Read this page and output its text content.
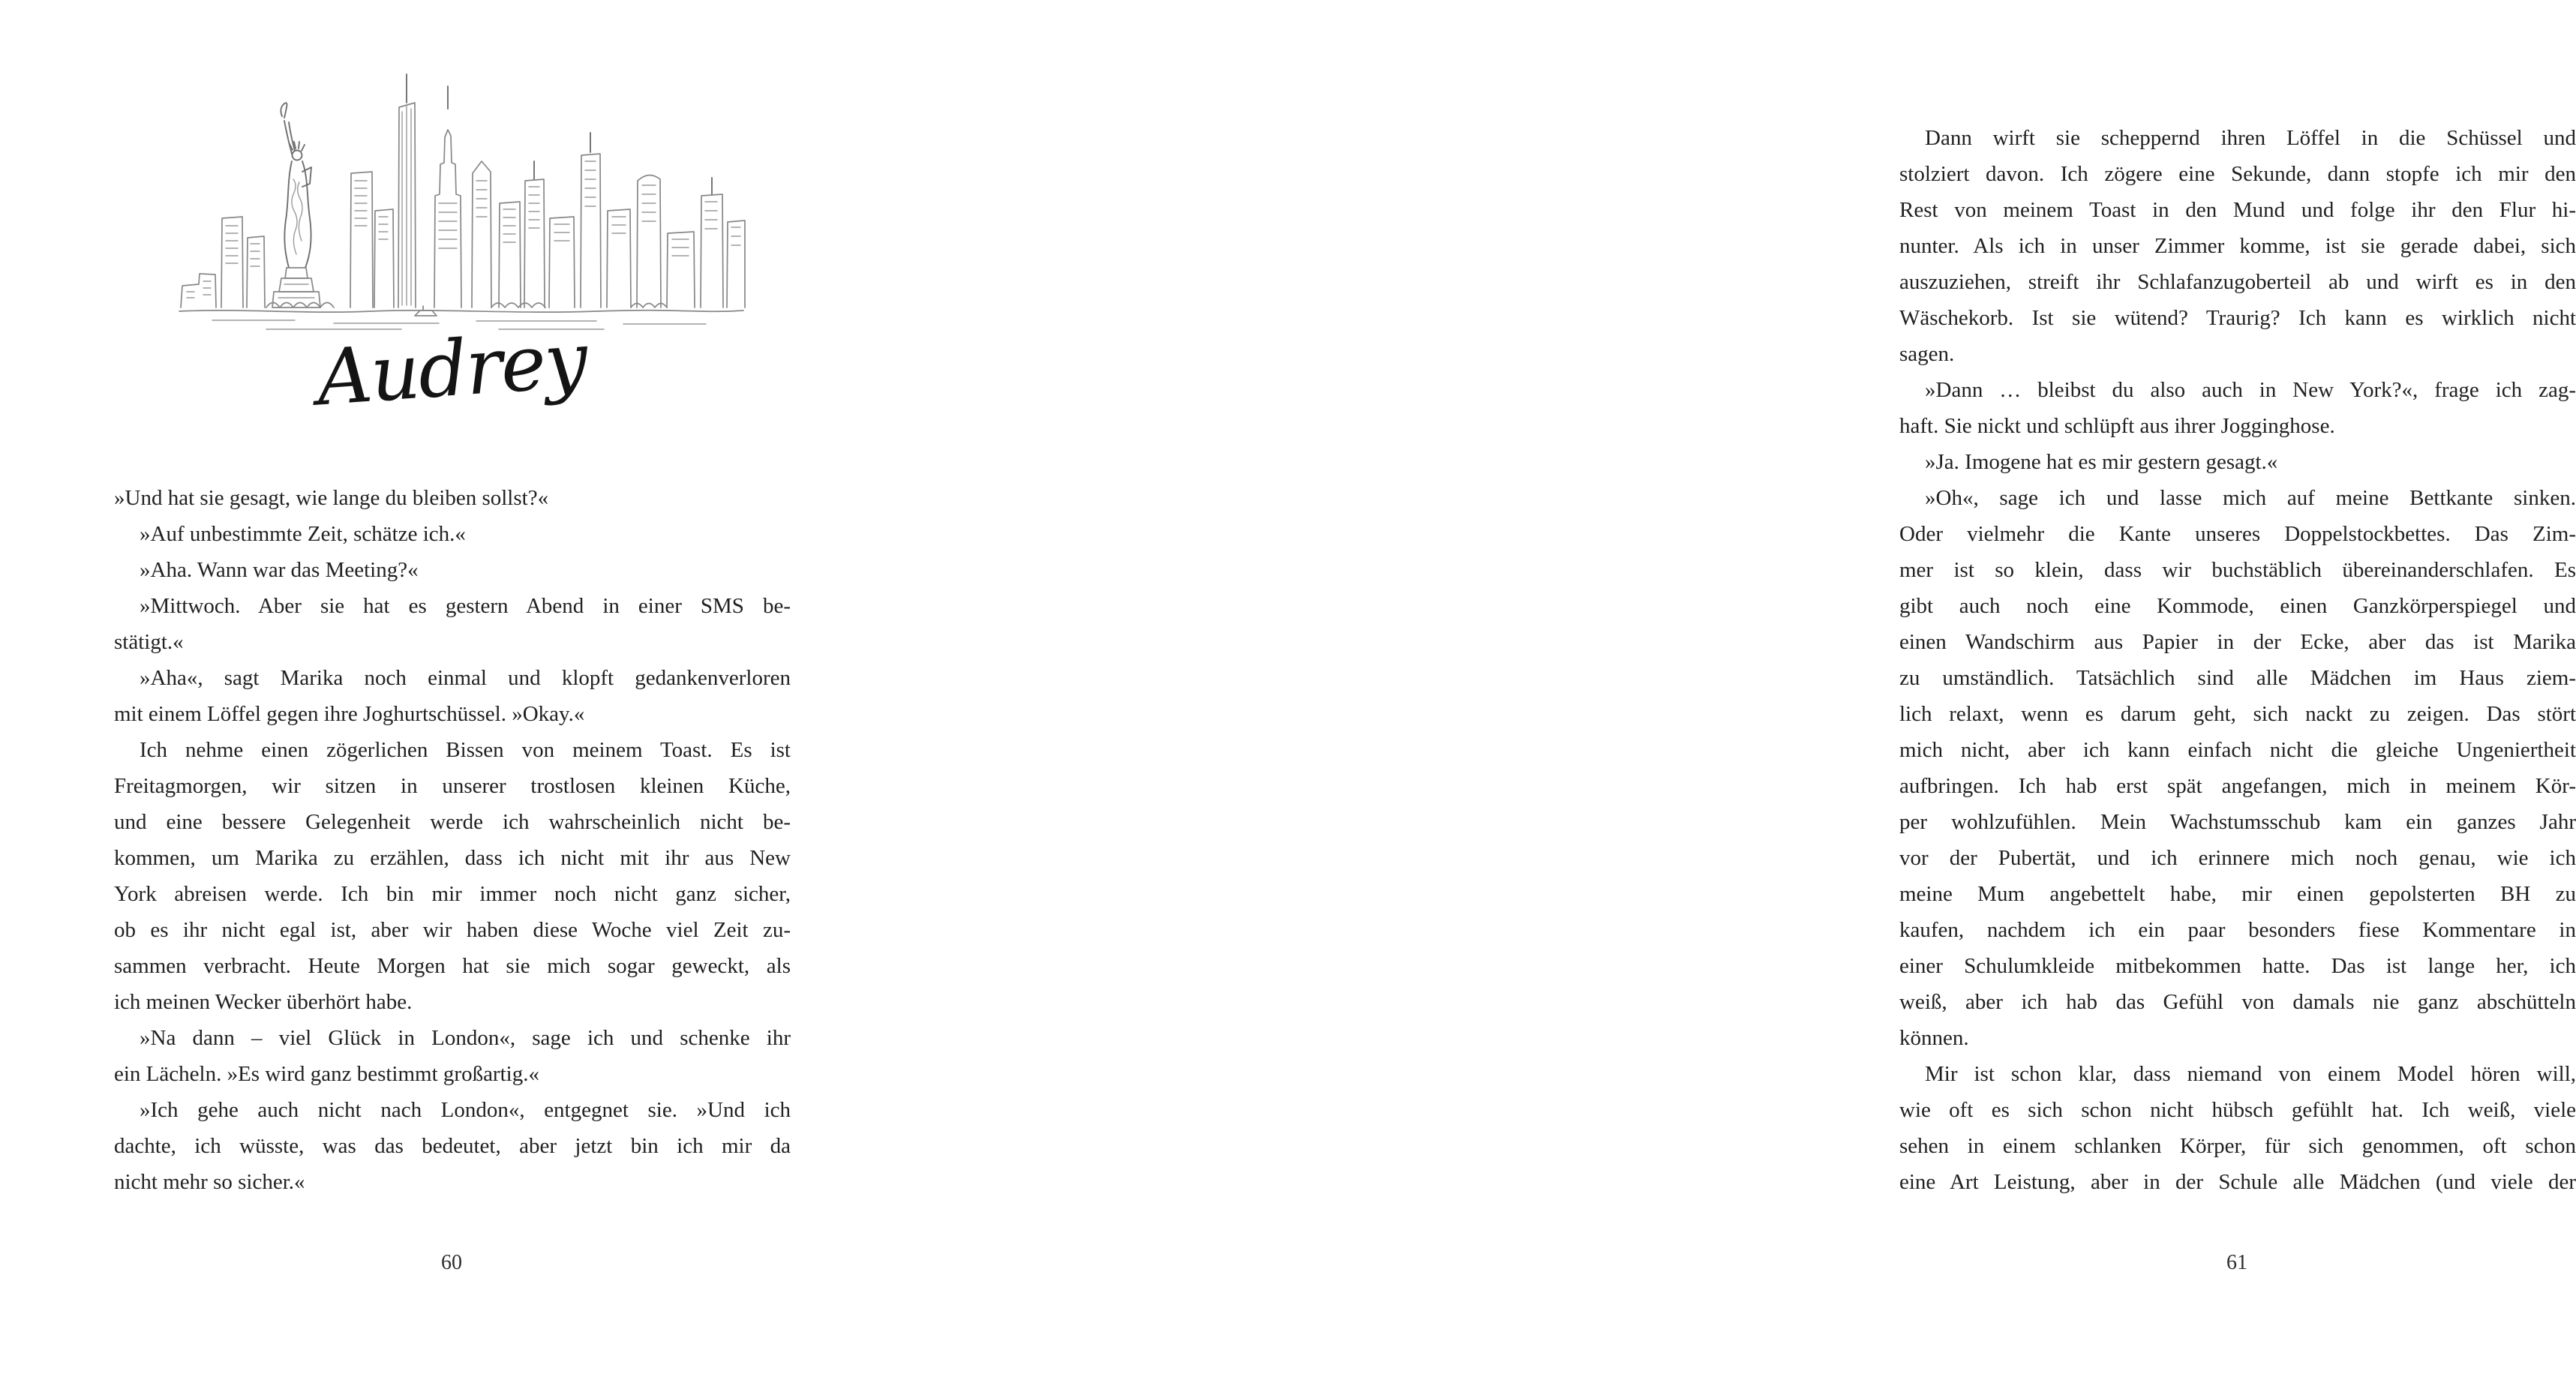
Audrey
»Und hat sie gesagt, wie lange du bleiben sollst?«
»Auf unbestimmte Zeit, schätze ich.«
»Aha. Wann war das Meeting?«
»Mittwoch. Aber sie hat es gestern Abend in einer SMS be-
stätigt.«
»Aha«, sagt Marika noch einmal und klopft gedankenverloren
mit einem Löffel gegen ihre Joghurtschüssel. »Okay.«
Ich nehme einen zögerlichen Bissen von meinem Toast. Es ist
Freitagmorgen, wir sitzen in unserer trostlosen kleinen Küche,
und eine bessere Gelegenheit werde ich wahrscheinlich nicht be-
kommen, um Marika zu erzählen, dass ich nicht mit ihr aus New
York abreisen werde. Ich bin mir immer noch nicht ganz sicher,
ob es ihr nicht egal ist, aber wir haben diese Woche viel Zeit zu-
sammen verbracht. Heute Morgen hat sie mich sogar geweckt, als
ich meinen Wecker überhört habe.
»Na dann – viel Glück in London«, sage ich und schenke ihr
ein Lächeln. »Es wird ganz bestimmt großartig.«
»Ich gehe auch nicht nach London«, entgegnet sie. »Und ich
dachte, ich wüsste, was das bedeutet, aber jetzt bin ich mir da
nicht mehr so sicher.«
60
Dann wirft sie scheppernd ihren Löffel in die Schüssel und
stolziert davon. Ich zögere eine Sekunde, dann stopfe ich mir den
Rest von meinem Toast in den Mund und folge ihr den Flur hi-
nunter. Als ich in unser Zimmer komme, ist sie gerade dabei, sich
auszuziehen, streift ihr Schlafanzugoberteil ab und wirft es in den
Wäschekorb. Ist sie wütend? Traurig? Ich kann es wirklich nicht
sagen.
»Dann … bleibst du also auch in New York?«, frage ich zag-
haft. Sie nickt und schlüpft aus ihrer Jogginghose.
»Ja. Imogene hat es mir gestern gesagt.«
»Oh«, sage ich und lasse mich auf meine Bettkante sinken.
Oder vielmehr die Kante unseres Doppelstockbettes. Das Zim-
mer ist so klein, dass wir buchstäblich übereinanderschlafen. Es
gibt auch noch eine Kommode, einen Ganzkörperspiegel und
einen Wandschirm aus Papier in der Ecke, aber das ist Marika
zu umständlich. Tatsächlich sind alle Mädchen im Haus ziem-
lich relaxt, wenn es darum geht, sich nackt zu zeigen. Das stört
mich nicht, aber ich kann einfach nicht die gleiche Ungeniertheit
aufbringen. Ich hab erst spät angefangen, mich in meinem Kör-
per wohlzufühlen. Mein Wachstumsschub kam ein ganzes Jahr
vor der Pubertät, und ich erinnere mich noch genau, wie ich
meine Mum angebettelt habe, mir einen gepolsterten BH zu
kaufen, nachdem ich ein paar besonders fiese Kommentare in
einer Schulumkleide mitbekommen hatte. Das ist lange her, ich
weiß, aber ich hab das Gefühl von damals nie ganz abschütteln
können.
Mir ist schon klar, dass niemand von einem Model hören will,
wie oft es sich schon nicht hübsch gefühlt hat. Ich weiß, viele
sehen in einem schlanken Körper, für sich genommen, oft schon
eine Art Leistung, aber in der Schule alle Mädchen (und viele der
61
